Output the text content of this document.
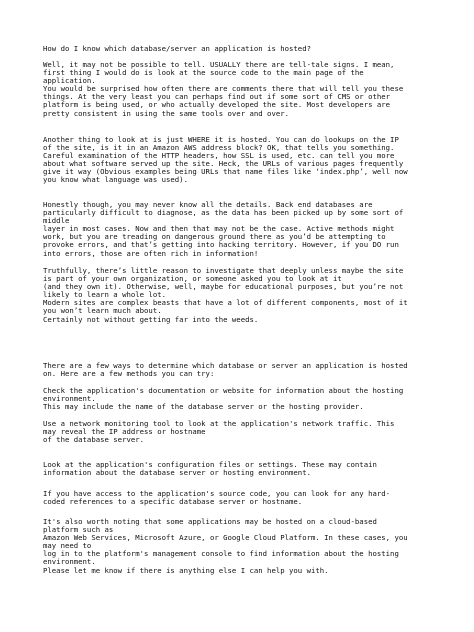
How do I know which database/server an application is hosted?

Well, it may not be possible to tell. USUALLY there are tell-tale signs. I mean,
first thing I would do is look at the source code to the main page of the
application.
You would be surprised how often there are comments there that will tell you these
things. At the very least you can perhaps find out if some sort of CMS or other
platform is being used, or who actually developed the site. Most developers are
pretty consistent in using the same tools over and over.

Another thing to look at is just WHERE it is hosted. You can do lookups on the IP
of the site, is it in an Amazon AWS address block? OK, that tells you something.
Careful examination of the HTTP headers, how SSL is used, etc. can tell you more
about what software served up the site. Heck, the URLs of various pages frequently
give it way (Obvious examples being URLs that name files like ‘index.php’, well now
you know what language was used).

Honestly though, you may never know all the details. Back end databases are
particularly difficult to diagnose, as the data has been picked up by some sort of
middle
layer in most cases. Now and then that may not be the case. Active methods might
work, but you are treading on dangerous ground there as you’d be attempting to
provoke errors, and that’s getting into hacking territory. However, if you DO run
into errors, those are often rich in information!

Truthfully, there’s little reason to investigate that deeply unless maybe the site
is part of your own organization, or someone asked you to look at it
(and they own it). Otherwise, well, maybe for educational purposes, but you’re not
likely to learn a whole lot.
Modern sites are complex beasts that have a lot of different components, most of it
you won’t learn much about.
Certainly not without getting far into the weeds.

There are a few ways to determine which database or server an application is hosted
on. Here are a few methods you can try:

Check the application's documentation or website for information about the hosting
environment.
This may include the name of the database server or the hosting provider.

Use a network monitoring tool to look at the application's network traffic. This
may reveal the IP address or hostname
of the database server.

Look at the application's configuration files or settings. These may contain
information about the database server or hosting environment.

If you have access to the application's source code, you can look for any hard-
coded references to a specific database server or hostname.

It's also worth noting that some applications may be hosted on a cloud-based
platform such as
Amazon Web Services, Microsoft Azure, or Google Cloud Platform. In these cases, you
may need to
log in to the platform's management console to find information about the hosting
environment.
Please let me know if there is anything else I can help you with.
